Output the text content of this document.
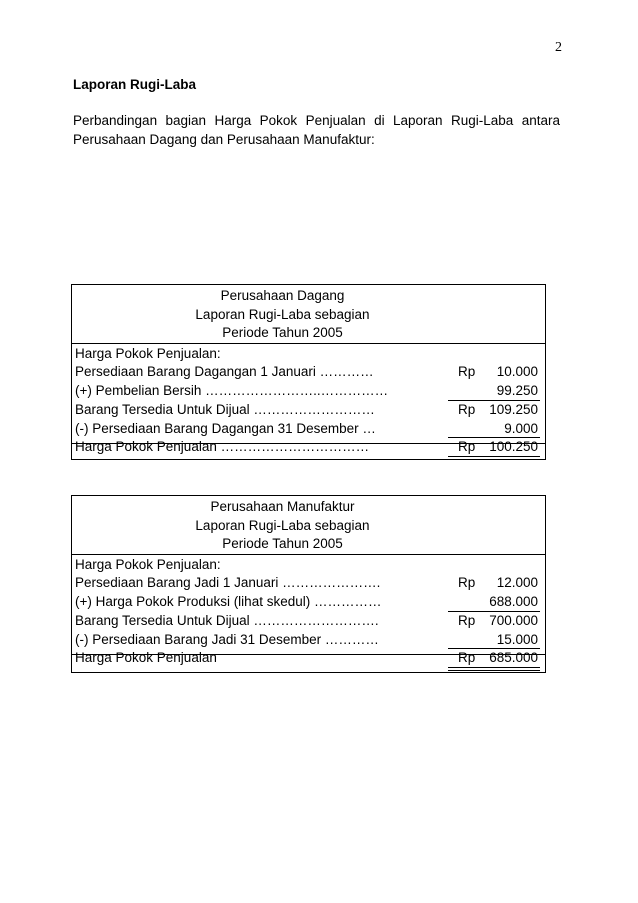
2
Laporan Rugi-Laba

Perbandingan bagian Harga Pokok Penjualan di Laporan Rugi-Laba antara Perusahaan Dagang dan Perusahaan Manufaktur:

Perusahaan Dagang
Laporan Rugi-Laba sebagian
Periode Tahun 2005
Harga Pokok Penjualan:
Persediaan Barang Dagangan 1 Januari …………	Rp 10.000
(+) Pembelian Bersih ……………………..……………	99.250
Barang Tersedia Untuk Dijual ………………………	Rp 109.250
(-) Persediaan Barang Dagangan 31 Desember …	9.000
Harga Pokok Penjualan ……………………………	Rp 100.250
Perusahaan Manufaktur
Laporan Rugi-Laba sebagian
Periode Tahun 2005
Harga Pokok Penjualan:
Persediaan Barang Jadi 1 Januari ………………….	Rp 12.000
(+) Harga Pokok Produksi (lihat skedul) ……………	688.000
Barang Tersedia Untuk Dijual ……………………….	Rp 700.000
(-) Persediaan Barang Jadi 31 Desember …………	15.000
Harga Pokok Penjualan	Rp 685.000
